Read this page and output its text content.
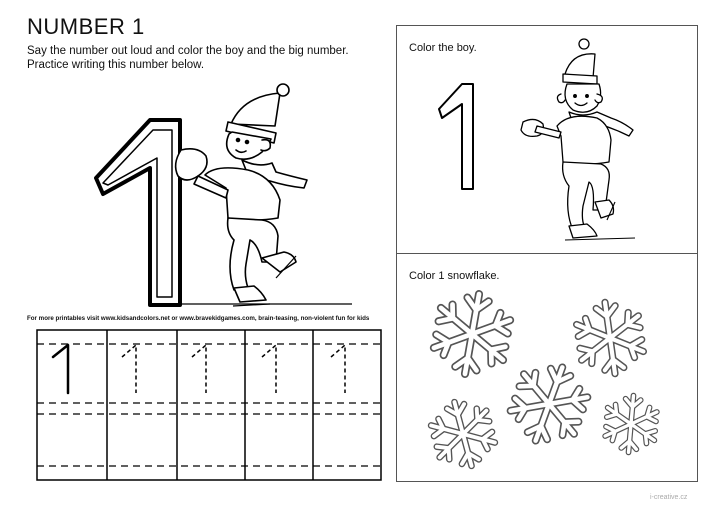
NUMBER 1
Say the number out loud and color the boy and the big number.
Practice writing this number below.
For more printables visit www.kidsandcolors.net or www.bravekidgames.com, brain-teasing, non-violent fun for kids
Color the boy.
Color 1 snowflake.
i-creative.cz
